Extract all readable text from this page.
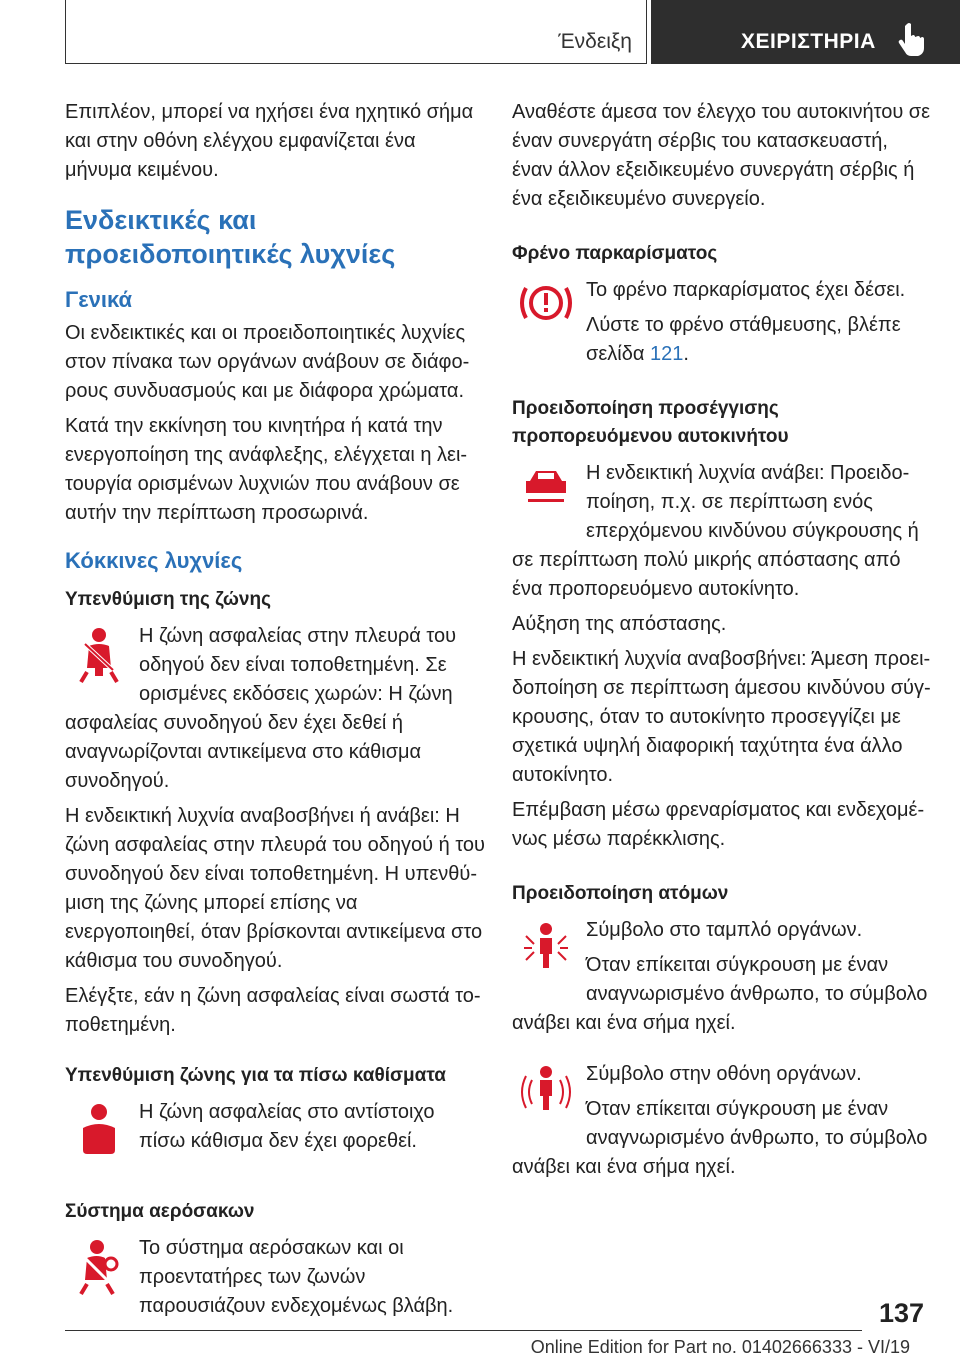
Ένδειξη	ΧΕΙΡΙΣΤΗΡΙΑ

Επιπλέον, μπορεί να ηχήσει ένα ηχητικό σήμα και στην οθόνη ελέγχου εμφανίζεται ένα μήνυμα κειμένου.

Ενδεικτικές και προειδοποιητικές λυχνίες
Γενικά

Οι ενδεικτικές και οι προειδοποιητικές λυχνίες στον πίνακα των οργάνων ανάβουν σε διάφορους συνδυασμούς και με διάφορα χρώματα.

Κατά την εκκίνηση του κινητήρα ή κατά την ενεργοποίηση της ανάφλεξης, ελέγχεται η λειτουργία ορισμένων λυχνιών που ανάβουν σε αυτήν την περίπτωση προσωρινά.

Κόκκινες λυχνίες
Υπενθύμιση της ζώνης

Η ζώνη ασφαλείας στην πλευρά του οδηγού δεν είναι τοποθετημένη. Σε ορισμένες εκδόσεις χωρών: Η ζώνη ασφαλείας συνοδηγού δεν έχει δεθεί ή αναγνωρίζονται αντικείμενα στο κάθισμα συνοδηγού.

Η ενδεικτική λυχνία αναβοσβήνει ή ανάβει: Η ζώνη ασφαλείας στην πλευρά του οδηγού ή του συνοδηγού δεν είναι τοποθετημένη. Η υπενθύμιση της ζώνης μπορεί επίσης να ενεργοποιηθεί, όταν βρίσκονται αντικείμενα στο κάθισμα του συνοδηγού.

Ελέγξτε, εάν η ζώνη ασφαλείας είναι σωστά τοποθετημένη.

Υπενθύμιση ζώνης για τα πίσω καθίσματα

Η ζώνη ασφαλείας στο αντίστοιχο πίσω κάθισμα δεν έχει φορεθεί.

Σύστημα αερόσακων

Το σύστημα αερόσακων και οι προεντατήρες των ζωνών παρουσιάζουν ενδεχομένως βλάβη.

Αναθέστε άμεσα τον έλεγχο του αυτοκινήτου σε έναν συνεργάτη σέρβις του κατασκευαστή, έναν άλλον εξειδικευμένο συνεργάτη σέρβις ή ένα εξειδικευμένο συνεργείο.

Φρένο παρκαρίσματος

Το φρένο παρκαρίσματος έχει δέσει.

Λύστε το φρένο στάθμευσης, βλέπε σελίδα 121.

Προειδοποίηση προσέγγισης προπορευόμενου αυτοκινήτου

Η ενδεικτική λυχνία ανάβει: Προειδοποίηση, π.χ. σε περίπτωση ενός επερχόμενου κινδύνου σύγκρουσης ή σε περίπτωση πολύ μικρής απόστασης από ένα προπορευόμενο αυτοκίνητο.

Αύξηση της απόστασης.

Η ενδεικτική λυχνία αναβοσβήνει: Άμεση προειδοποίηση σε περίπτωση άμεσου κινδύνου σύγκρουσης, όταν το αυτοκίνητο προσεγγίζει με σχετικά υψηλή διαφορική ταχύτητα ένα άλλο αυτοκίνητο.

Επέμβαση μέσω φρεναρίσματος και ενδεχομένως μέσω παρέκκλισης.

Προειδοποίηση ατόμων

Σύμβολο στο ταμπλό οργάνων.

Όταν επίκειται σύγκρουση με έναν αναγνωρισμένο άνθρωπο, το σύμβολο ανάβει και ένα σήμα ηχεί.

Σύμβολο στην οθόνη οργάνων.

Όταν επίκειται σύγκρουση με έναν αναγνωρισμένο άνθρωπο, το σύμβολο ανάβει και ένα σήμα ηχεί.

137
Online Edition for Part no. 01402666333 - VI/19
